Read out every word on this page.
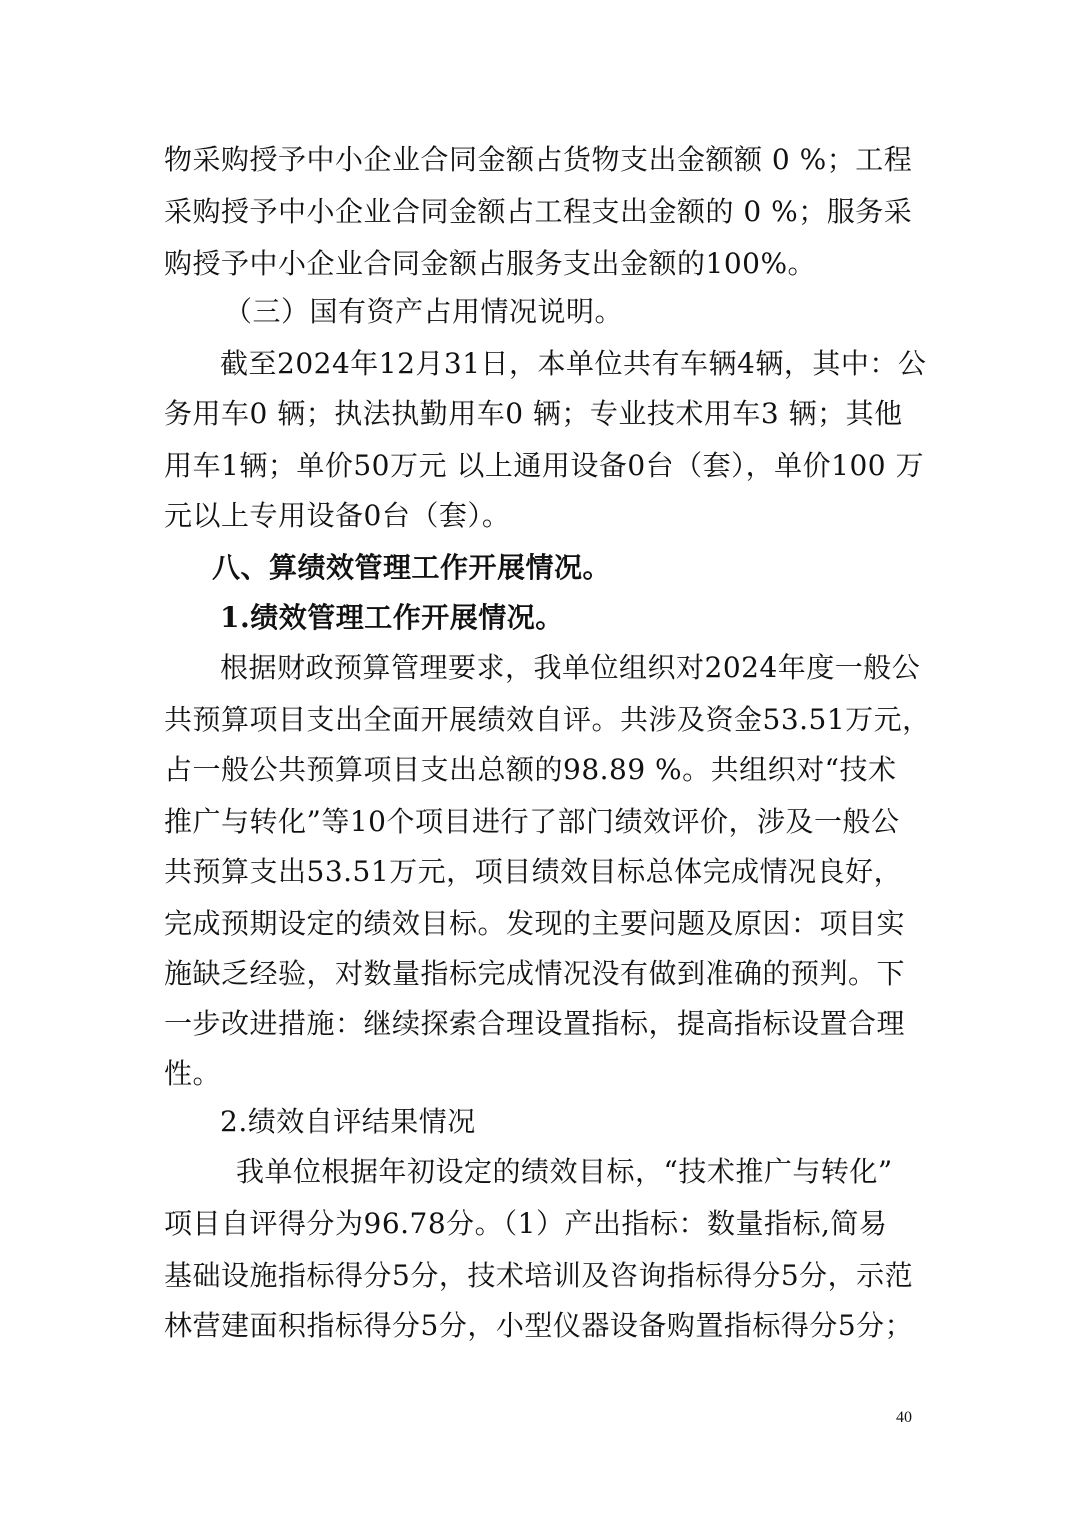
物采购授予中小企业合同金额占货物支出金额额 0 %；工程
采购授予中小企业合同金额占工程支出金额的 0 %；服务采
购授予中小企业合同金额占服务支出金额的100%。
（三）国有资产占用情况说明。
截至2024年12月31日，本单位共有车辆4辆，其中：公
务用车0 辆；执法执勤用车0 辆；专业技术用车3 辆；其他
用车1辆；单价50万元 以上通用设备0台（套），单价100 万
元以上专用设备0台（套）。
八、算绩效管理工作开展情况。
1.绩效管理工作开展情况。
根据财政预算管理要求，我单位组织对2024年度一般公
共预算项目支出全面开展绩效自评。共涉及资金53.51万元，
占一般公共预算项目支出总额的98.89 %。共组织对“技术
推广与转化”等10个项目进行了部门绩效评价，涉及一般公
共预算支出53.51万元，项目绩效目标总体完成情况良好，
完成预期设定的绩效目标。发现的主要问题及原因：项目实
施缺乏经验，对数量指标完成情况没有做到准确的预判。下
一步改进措施：继续探索合理设置指标，提高指标设置合理
性。
2.绩效自评结果情况
我单位根据年初设定的绩效目标，“技术推广与转化”
项目自评得分为96.78分。（1）产出指标：数量指标,简易
基础设施指标得分5分，技术培训及咨询指标得分5分，示范
林营建面积指标得分5分，小型仪器设备购置指标得分5分；
40
